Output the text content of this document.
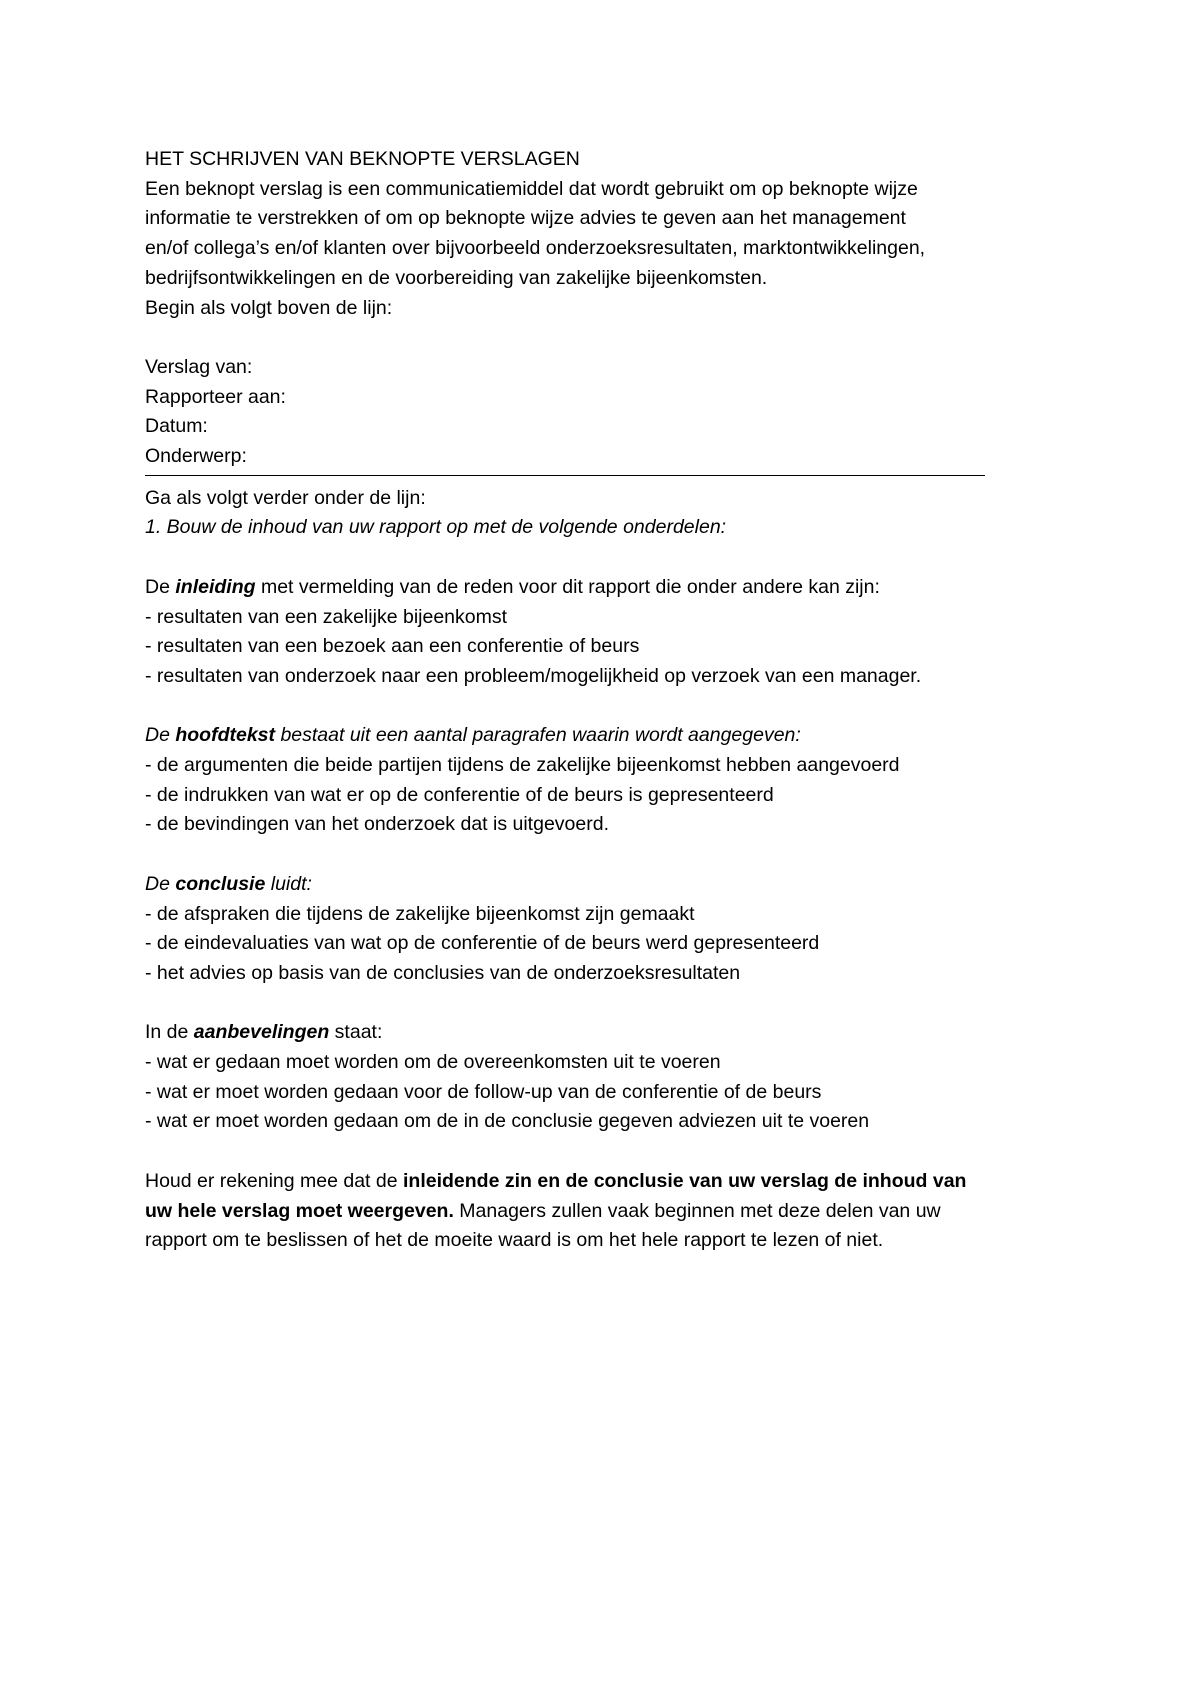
HET SCHRIJVEN VAN BEKNOPTE VERSLAGEN
Een beknopt verslag is een communicatiemiddel dat wordt gebruikt om op beknopte wijze
informatie te verstrekken of om op beknopte wijze advies te geven aan het management
en/of collega’s en/of klanten over bijvoorbeeld onderzoeksresultaten, marktontwikkelingen,
bedrijfsontwikkelingen en de voorbereiding van zakelijke bijeenkomsten.
Begin als volgt boven de lijn:
Verslag van:
Rapporteer aan:
Datum:
Onderwerp:
Ga als volgt verder onder de lijn:
1. Bouw de inhoud van uw rapport op met de volgende onderdelen:
De inleiding met vermelding van de reden voor dit rapport die onder andere kan zijn:
- resultaten van een zakelijke bijeenkomst
- resultaten van een bezoek aan een conferentie of beurs
- resultaten van onderzoek naar een probleem/mogelijkheid op verzoek van een manager.
De hoofdtekst bestaat uit een aantal paragrafen waarin wordt aangegeven:
- de argumenten die beide partijen tijdens de zakelijke bijeenkomst hebben aangevoerd
- de indrukken van wat er op de conferentie of de beurs is gepresenteerd
- de bevindingen van het onderzoek dat is uitgevoerd.
De conclusie luidt:
- de afspraken die tijdens de zakelijke bijeenkomst zijn gemaakt
- de eindevaluaties van wat op de conferentie of de beurs werd gepresenteerd
- het advies op basis van de conclusies van de onderzoeksresultaten
In de aanbevelingen staat:
- wat er gedaan moet worden om de overeenkomsten uit te voeren
- wat er moet worden gedaan voor de follow-up van de conferentie of de beurs
- wat er moet worden gedaan om de in de conclusie gegeven adviezen uit te voeren
Houd er rekening mee dat de inleidende zin en de conclusie van uw verslag de inhoud van
uw hele verslag moet weergeven. Managers zullen vaak beginnen met deze delen van uw
rapport om te beslissen of het de moeite waard is om het hele rapport te lezen of niet.
